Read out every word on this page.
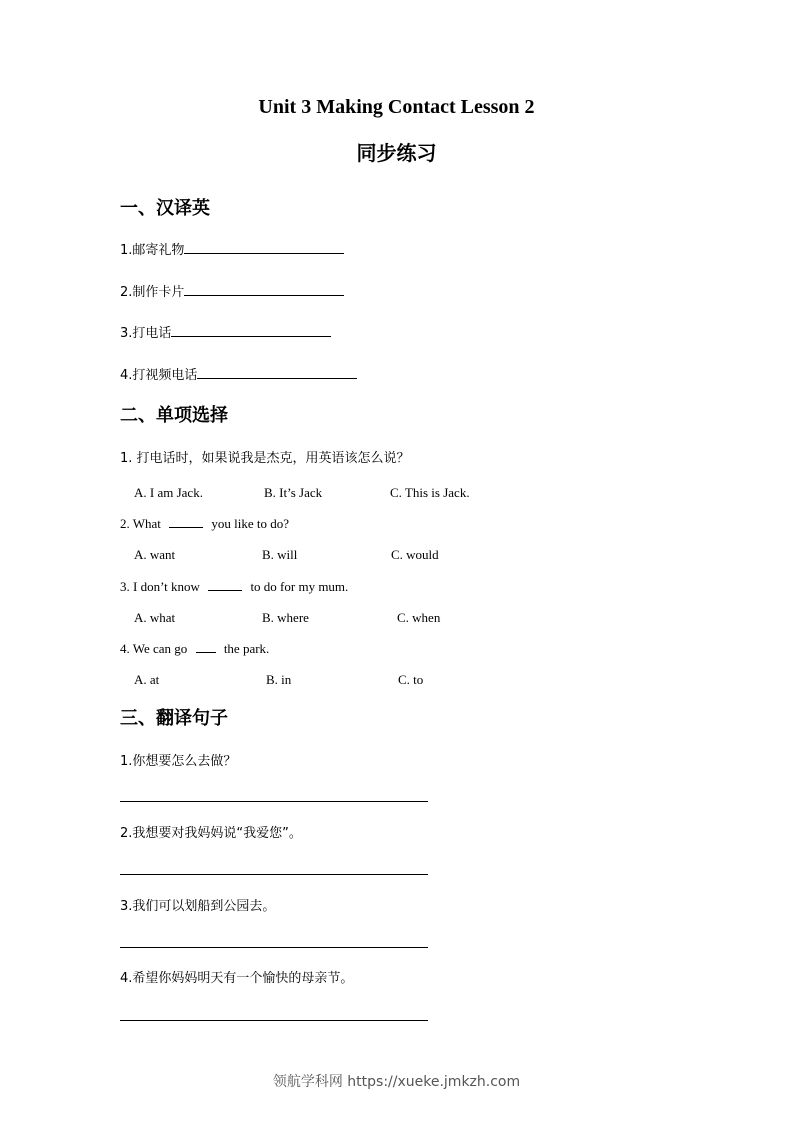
Unit 3 Making Contact Lesson 2
同步练习
一、汉译英
1.邮寄礼物
2.制作卡片
3.打电话
4.打视频电话
二、单项选择
1. 打电话时，如果说我是杰克，用英语该怎么说？
A. I am Jack.	B. It’s Jack	C. This is Jack.
2. What	you like to do?
A. want	B. will	C. would
3. I don’t know	to do for my mum.
A. what	B. where	C. when
4. We can go	the park.
A. at	B. in	C. to
三、翻译句子
1.你想要怎么去做？
2.我想要对我妈妈说“我爱您”。
3.我们可以划船到公园去。
4.希望你妈妈明天有一个愉快的母亲节。
领航学科网 https://xueke.jmkzh.com
